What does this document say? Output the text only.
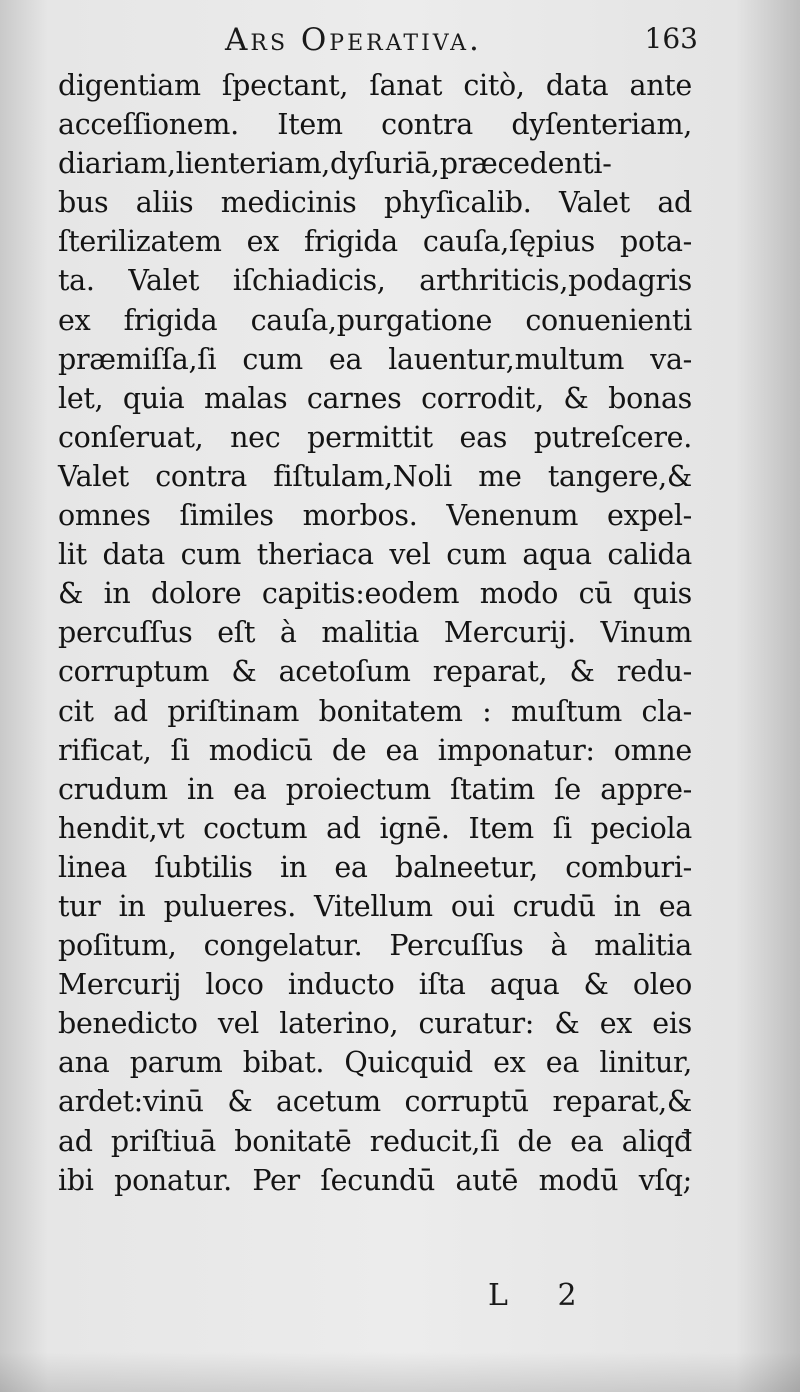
Ars Operativa.	163
digentiam ſpectant, ſanat citò, data ante
acceſſionem. Item contra dyſenteriam,
diariam,lienteriam,dyſuriā,præcedenti-
bus aliis medicinis phyſicalib. Valet ad
ſterilizatem ex frigida cauſa,ſępius pota-
ta. Valet iſchiadicis, arthriticis,podagris
ex frigida cauſa,purgatione conuenienti
præmiſſa,ſi cum ea lauentur,multum va-
let, quia malas carnes corrodit, & bonas
conſeruat, nec permittit eas putreſcere.
Valet contra fiſtulam,Noli me tangere,&
omnes ſimiles morbos. Venenum expel-
lit data cum theriaca vel cum aqua calida
& in dolore capitis:eodem modo cū quis
percuſſus eſt à malitia Mercurij. Vinum
corruptum & acetoſum reparat, & redu-
cit ad priſtinam bonitatem : muſtum cla-
rificat, ſi modicū de ea imponatur: omne
crudum in ea proiectum ſtatim ſe appre-
hendit,vt coctum ad ignē. Item ſi peciola
linea ſubtilis in ea balneetur, comburi-
tur in pulueres. Vitellum oui crudū in ea
poſitum, congelatur. Percuſſus à malitia
Mercurij loco inducto iſta aqua & oleo
benedicto vel laterino, curatur: & ex eis
ana parum bibat. Quicquid ex ea linitur,
ardet:vinū & acetum corruptū reparat,&
ad priſtiuā bonitatē reducit,ſi de ea aliqđ
ibi ponatur. Per ſecundū autē modū vſq;
L 2
